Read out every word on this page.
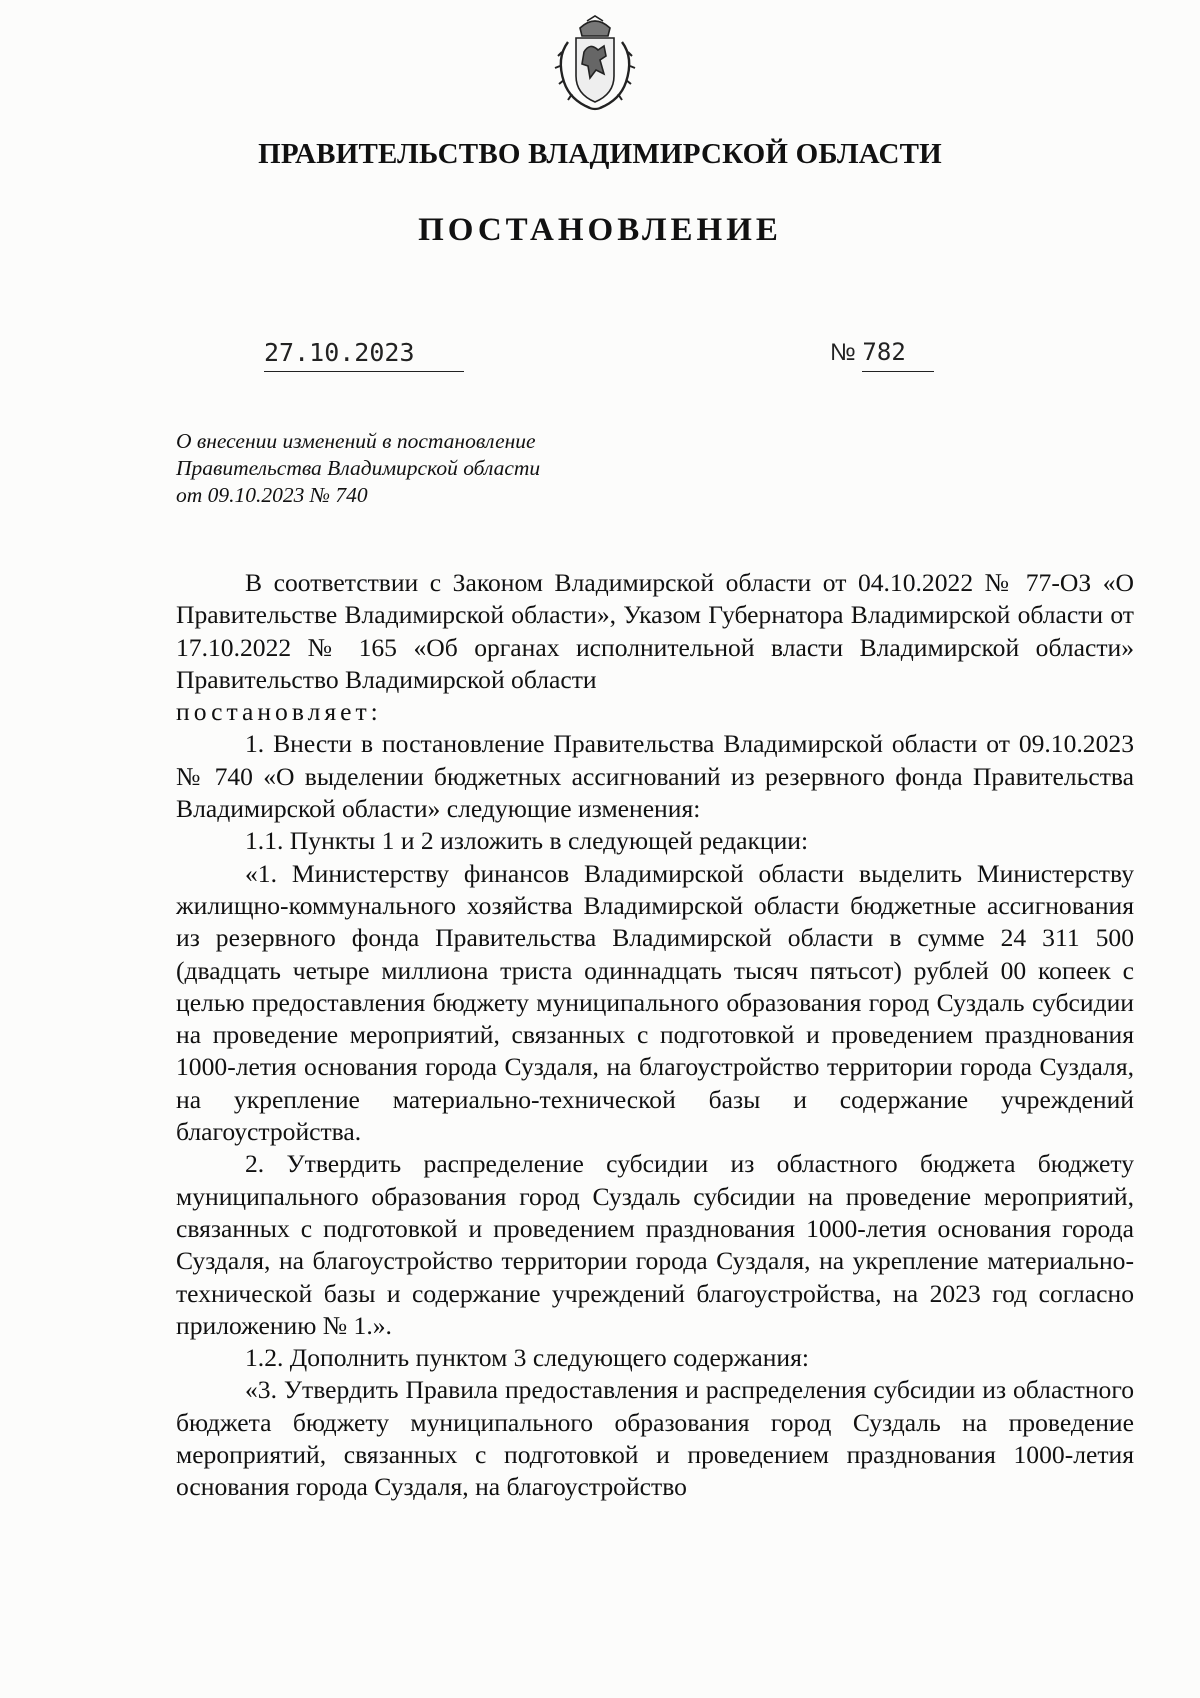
ПРАВИТЕЛЬСТВО ВЛАДИМИРСКОЙ ОБЛАСТИ
ПОСТАНОВЛЕНИЕ
27.10.2023	№ 782
О внесении изменений в постановление
Правительства Владимирской области
от 09.10.2023 № 740

В соответствии с Законом Владимирской области от 04.10.2022 № 77-ОЗ «О Правительстве Владимирской области», Указом Губернатора Владимирской области от 17.10.2022 № 165 «Об органах исполнительной власти Владимирской области» Правительство Владимирской области

постановляет:

1. Внести в постановление Правительства Владимирской области от 09.10.2023 № 740 «О выделении бюджетных ассигнований из резервного фонда Правительства Владимирской области» следующие изменения:

1.1. Пункты 1 и 2 изложить в следующей редакции:

«1. Министерству финансов Владимирской области выделить Министерству жилищно-коммунального хозяйства Владимирской области бюджетные ассигнования из резервного фонда Правительства Владимирской области в сумме 24 311 500 (двадцать четыре миллиона триста одиннадцать тысяч пятьсот) рублей 00 копеек с целью предоставления бюджету муниципального образования город Суздаль субсидии на проведение мероприятий, связанных с подготовкой и проведением празднования 1000-летия основания города Суздаля, на благоустройство территории города Суздаля, на укрепление материально-технической базы и содержание учреждений благоустройства.

2. Утвердить распределение субсидии из областного бюджета бюджету муниципального образования город Суздаль субсидии на проведение мероприятий, связанных с подготовкой и проведением празднования 1000-летия основания города Суздаля, на благоустройство территории города Суздаля, на укрепление материально-технической базы и содержание учреждений благоустройства, на 2023 год согласно приложению № 1.».

1.2. Дополнить пунктом 3 следующего содержания:

«3. Утвердить Правила предоставления и распределения субсидии из областного бюджета бюджету муниципального образования город Суздаль на проведение мероприятий, связанных с подготовкой и проведением празднования 1000-летия основания города Суздаля, на благоустройство
